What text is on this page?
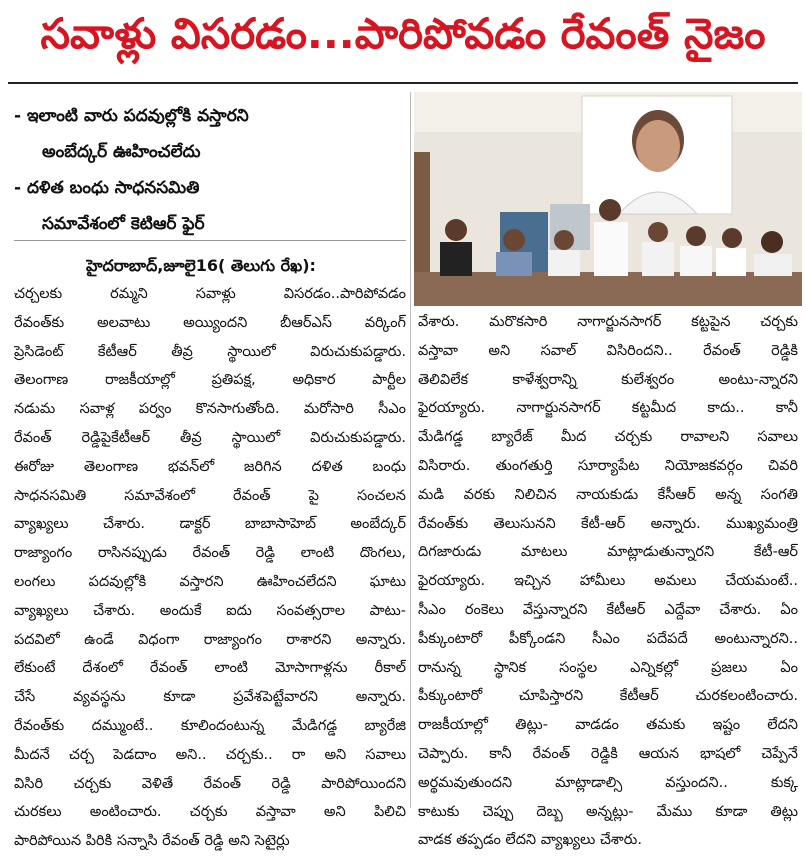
సవాళ్లు విసరడం...పారిపోవడం రేవంత్ నైజం
- ఇలాంటి వారు పదవుల్లోకి వస్తారని
అంబేద్కర్ ఊహించలేదు
- దళిత బంధు సాధనసమితి
సమావేశంలో కెటిఆర్ ఫైర్
హైదరాబాద్,జూలై16( తెలుగు రేఖ):
చర్చలకు రమ్మని సవాళ్లు విసరడం..పారిపోవడం
రేవంత్‌కు అలవాటు అయ్యిందని బీఆర్ఎస్ వర్కింగ్
ప్రెసిడెంట్ కేటీఆర్ తీవ్ర స్థాయిలో విరుచుకుపడ్డారు.
తెలంగాణ రాజకీయాల్లో ప్రతిపక్ష, అధికార పార్టీల
నడుమ సవాళ్ల పర్వం కొనసాగుతోంది. మరోసారి సీఎం
రేవంత్ రెడ్డిపైకేటీఆర్ తీవ్ర స్థాయిలో విరుచుకుపడ్డారు.
ఈరోజు తెలంగాణ భవన్‌లో జరిగిన దళిత బంధు
సాధనసమితి సమావేశంలో రేవంత్ పై సంచలన
వ్యాఖ్యలు చేశారు. డాక్టర్ బాబాసాహెబ్ అంబేద్కర్
రాజ్యాంగం రాసినప్పుడు రేవంత్ రెడ్డి లాంటి దొంగలు,
లంగలు పదవుల్లోకి వస్తారని ఊహించలేదని ఘాటు
వ్యాఖ్యలు చేశారు. అందుకే ఐదు సంవత్సరాల పాటు-
పదవిలో ఉండే విధంగా రాజ్యాంగం రాశారని అన్నారు.
లేకుంటే దేశంలో రేవంత్ లాంటి మోసాగాళ్లను రీకాల్
చేసే వ్యవస్థను కూడా ప్రవేశపెట్టేవారని అన్నారు.
రేవంత్‌కు దమ్ముంటే.. కూలిందంటున్న మేడిగడ్డ బ్యారేజి
మీదనే చర్చ పెడదాం అని.. చర్చకు.. రా అని సవాలు
విసిరి చర్చకు వెళితే రేవంత్ రెడ్డి పారిపోయిందని
చురకలు అంటించారు. చర్చకు వస్తావా అని పిలిచి
పారిపోయిన పిరికి సన్నాసి రేవంత్ రెడ్డి అని సెటైర్లు
వేశారు. మరొకసారి నాగార్జునసాగర్ కట్టపైన చర్చకు
వస్తావా అని సవాల్ విసిరిందని.. రేవంత్ రెడ్డికి
తెలివిలేక కాళేశ్వరాన్ని కులేశ్వరం అంటు-న్నారని
ఫైరయ్యారు. నాగార్జునసాగర్ కట్టమీద కాదు.. కానీ
మేడిగడ్డ బ్యారేజ్ మీద చర్చకు రావాలని సవాలు
విసిరారు. తుంగతుర్తి సూర్యాపేట నియోజకవర్గం చివరి
మడి వరకు నిలిచిన నాయకుడు కేసీఆర్ అన్న సంగతి
రేవంత్‌కు తెలుసునని కేటీ-ఆర్ అన్నారు. ముఖ్యమంత్రి
దిగజారుడు మాటలు మాట్లాడుతున్నారని కేటీ-ఆర్
ఫైరయ్యారు. ఇచ్చిన హామీలు అమలు చేయమంటే..
సీఎం రంకెలు వేస్తున్నారని కేటీఆర్ ఎద్దేవా చేశారు. ఏం
పీక్కుంటారో పీక్కోండని సీఎం పదేపదే అంటున్నారని..
రానున్న స్థానిక సంస్థల ఎన్నికల్లో ప్రజలు ఏం
పీక్కుంటారో చూపిస్తారని కేటీఆర్ చురకలంటించారు.
రాజకీయాల్లో తిట్లు- వాడడం తమకు ఇష్టం లేదని
చెప్పారు. కానీ రేవంత్ రెడ్డికి ఆయన భాషలో చెప్పేనే
అర్థమవుతుందని మాట్లాడాల్సి వస్తుందని.. కుక్క
కాటుకు చెప్పు దెబ్బ అన్నట్లు- మేము కూడా తిట్లు
వాడక తప్పడం లేదని వ్యాఖ్యలు చేశారు.
